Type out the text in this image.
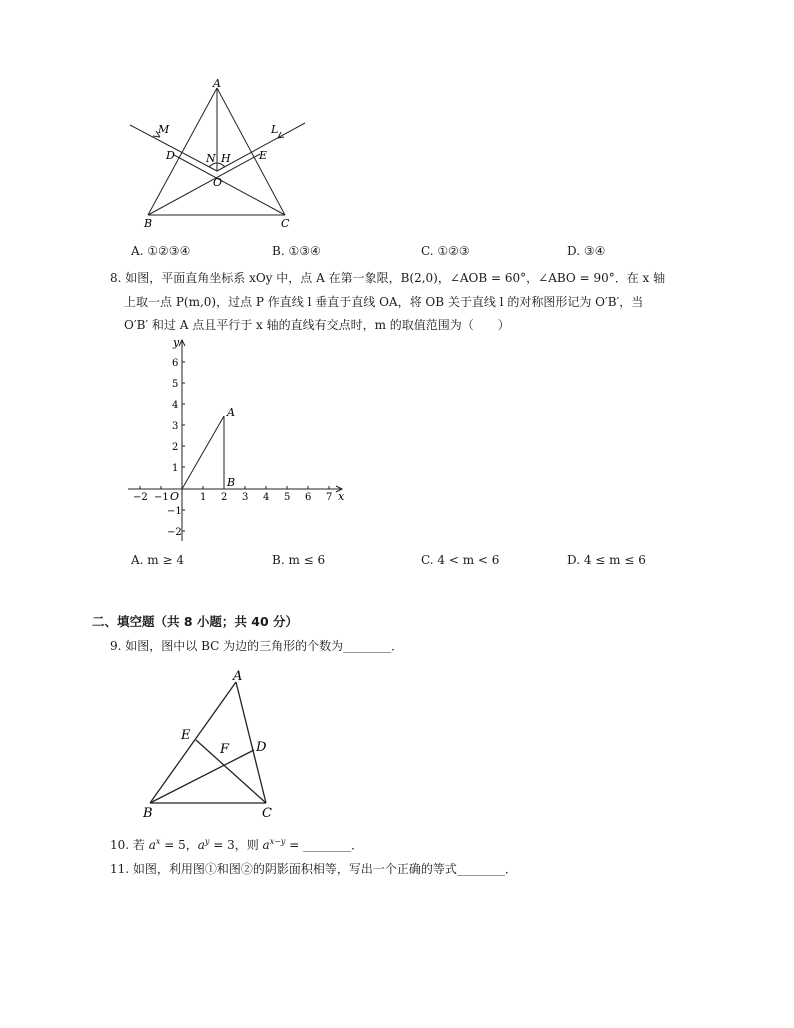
A
M	L
D	N H	E
O
B	C
A. ①②③④	B. ①③④	C. ①②③	D. ③④
8. 如图，平面直角坐标系 xOy 中，点 A 在第一象限，B(2,0)，∠AOB = 60°，∠ABO = 90°．在 x 轴
上取一点 P(m,0)，过点 P 作直线 l 垂直于直线 OA，将 OB 关于直线 l 的对称图形记为 O′B′，当
O′B′ 和过 A 点且平行于 x 轴的直线有交点时，m 的取值范围为（　　）
y
x
O
A
B
6
5
4
3
2
1
−1
−2
−2 −1	1 2 3 4 5 6 7
A. m ≥ 4	B. m ≤ 6	C. 4 < m < 6	D. 4 ≤ m ≤ 6
二、填空题（共 8 小题；共 40 分）
9. 如图，图中以 BC 为边的三角形的个数为________．
A
E
F D
B	C
10. 若 $a^x = 5$，$a^y = 3$，则 $a^{x-y}$ = ________．
11. 如图，利用图①和图②的阴影面积相等，写出一个正确的等式________．
